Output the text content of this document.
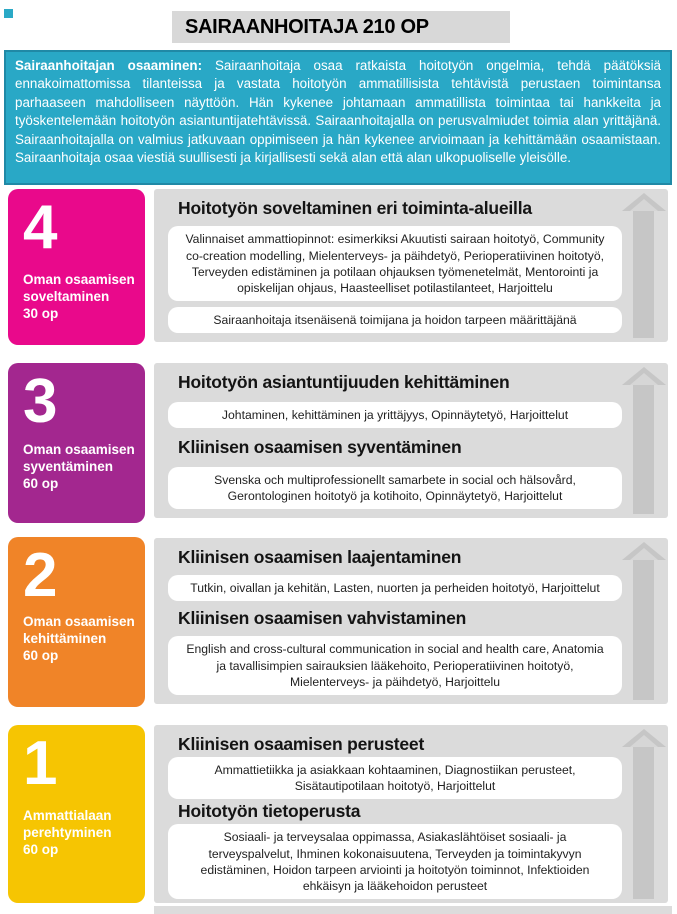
SAIRAANHOITAJA 210 OP
Sairaanhoitajan osaaminen: Sairaanhoitaja osaa ratkaista hoitotyön ongelmia, tehdä päätöksiä ennakoimattomissa tilanteissa ja vastata hoitotyön ammatillisista tehtävistä perustaen toimintansa parhaaseen mahdolliseen näyttöön. Hän kykenee johtamaan ammatillista toimintaa tai hankkeita ja työskentelemään hoitotyön asiantuntijatehtävissä. Sairaanhoitajalla on perusvalmiudet toimia alan yrittäjänä. Sairaanhoitajalla on valmius jatkuvaan oppimiseen ja hän kykenee arvioimaan ja kehittämään osaamistaan. Sairaanhoitaja osaa viestiä suullisesti ja kirjallisesti sekä alan että alan ulkopuoliselle yleisölle.
4
Oman osaamisen soveltaminen
30 op
Hoitotyön soveltaminen eri toiminta-alueilla
Valinnaiset ammattiopinnot: esimerkiksi Akuutisti sairaan hoitotyö, Community co-creation modelling, Mielenterveys- ja päihdetyö, Perioperatiivinen hoitotyö, Terveyden edistäminen ja potilaan ohjauksen työmenetelmät, Mentorointi ja opiskelijan ohjaus, Haasteelliset potilastilanteet, Harjoittelu
Sairaanhoitaja itsenäisenä toimijana ja hoidon tarpeen määrittäjänä
3
Oman osaamisen syventäminen
60 op
Hoitotyön asiantuntijuuden kehittäminen
Johtaminen, kehittäminen ja yrittäjyys, Opinnäytetyö, Harjoittelut
Kliinisen osaamisen syventäminen
Svenska och multiprofessionellt samarbete in social och hälsovård, Gerontologinen hoitotyö ja kotihoito, Opinnäytetyö, Harjoittelut
2
Oman osaamisen kehittäminen
60 op
Kliinisen osaamisen laajentaminen
Tutkin, oivallan ja kehitän, Lasten, nuorten ja perheiden hoitotyö, Harjoittelut
Kliinisen osaamisen vahvistaminen
English and cross-cultural communication in social and health care, Anatomia ja tavallisimpien sairauksien lääkehoito, Perioperatiivinen hoitotyö, Mielenterveys- ja päihdetyö, Harjoittelu
1
Ammattialaan perehtyminen
60 op
Kliinisen osaamisen perusteet
Ammattietiikka ja asiakkaan kohtaaminen, Diagnostiikan perusteet, Sisätautipotilaan hoitotyö, Harjoittelut
Hoitotyön tietoperusta
Sosiaali- ja terveysalaa oppimassa, Asiakaslähtöiset sosiaali- ja terveyspalvelut, Ihminen kokonaisuutena, Terveyden ja toimintakyvyn edistäminen, Hoidon tarpeen arviointi ja hoitotyön toiminnot, Infektioiden ehkäisyn ja lääkehoidon perusteet
